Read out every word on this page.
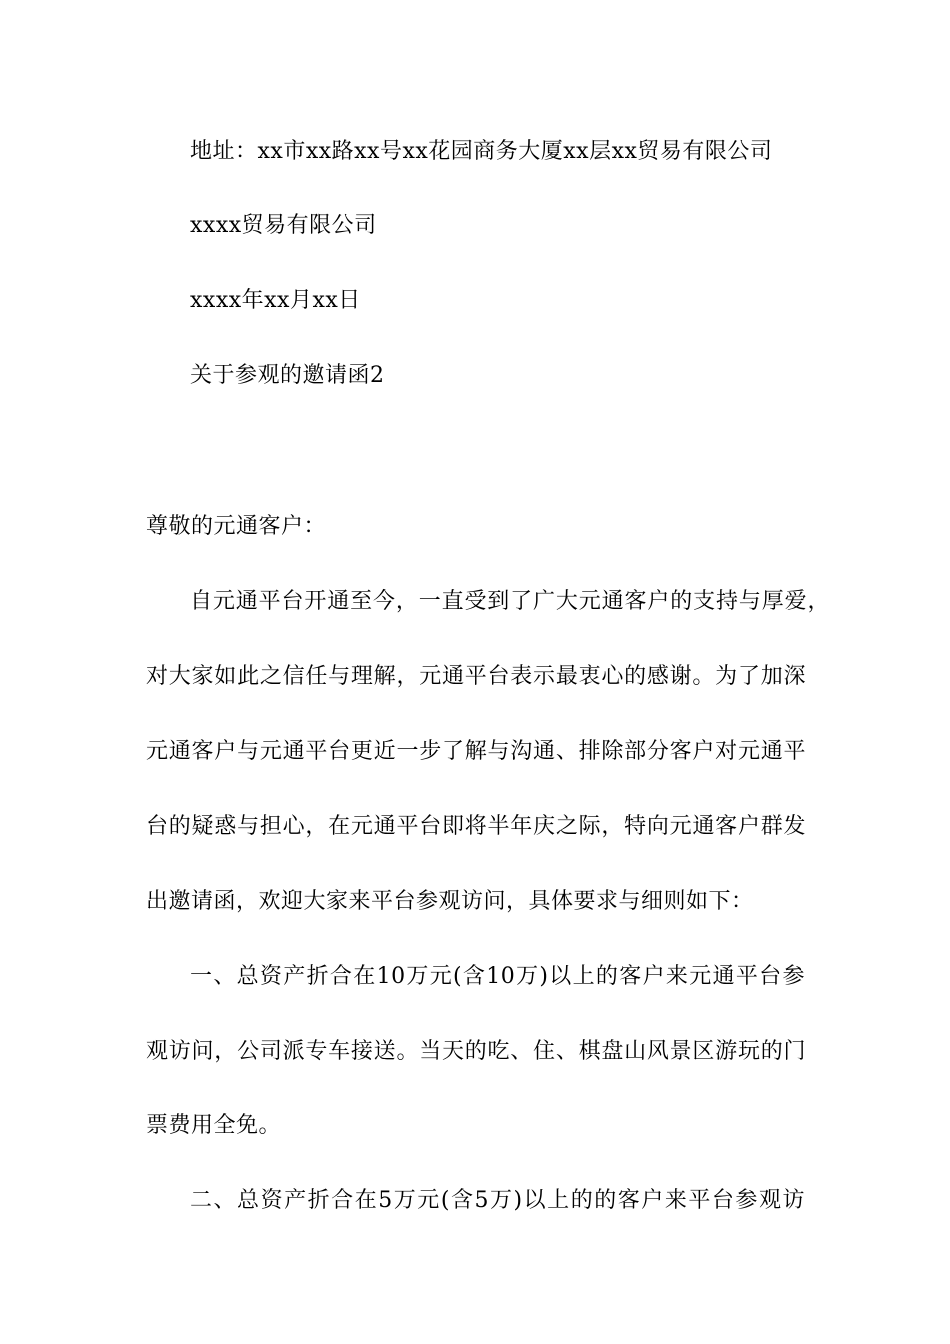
地址：xx市xx路xx号xx花园商务大厦xx层xx贸易有限公司
xxxx贸易有限公司
xxxx年xx月xx日
关于参观的邀请函2
尊敬的元通客户：
自元通平台开通至今，一直受到了广大元通客户的支持与厚爱，
对大家如此之信任与理解，元通平台表示最衷心的感谢。为了加深
元通客户与元通平台更近一步了解与沟通、排除部分客户对元通平
台的疑惑与担心，在元通平台即将半年庆之际，特向元通客户群发
出邀请函，欢迎大家来平台参观访问，具体要求与细则如下：
一、总资产折合在10万元(含10万)以上的客户来元通平台参
观访问，公司派专车接送。当天的吃、住、棋盘山风景区游玩的门
票费用全免。
二、总资产折合在5万元(含5万)以上的的客户来平台参观访
